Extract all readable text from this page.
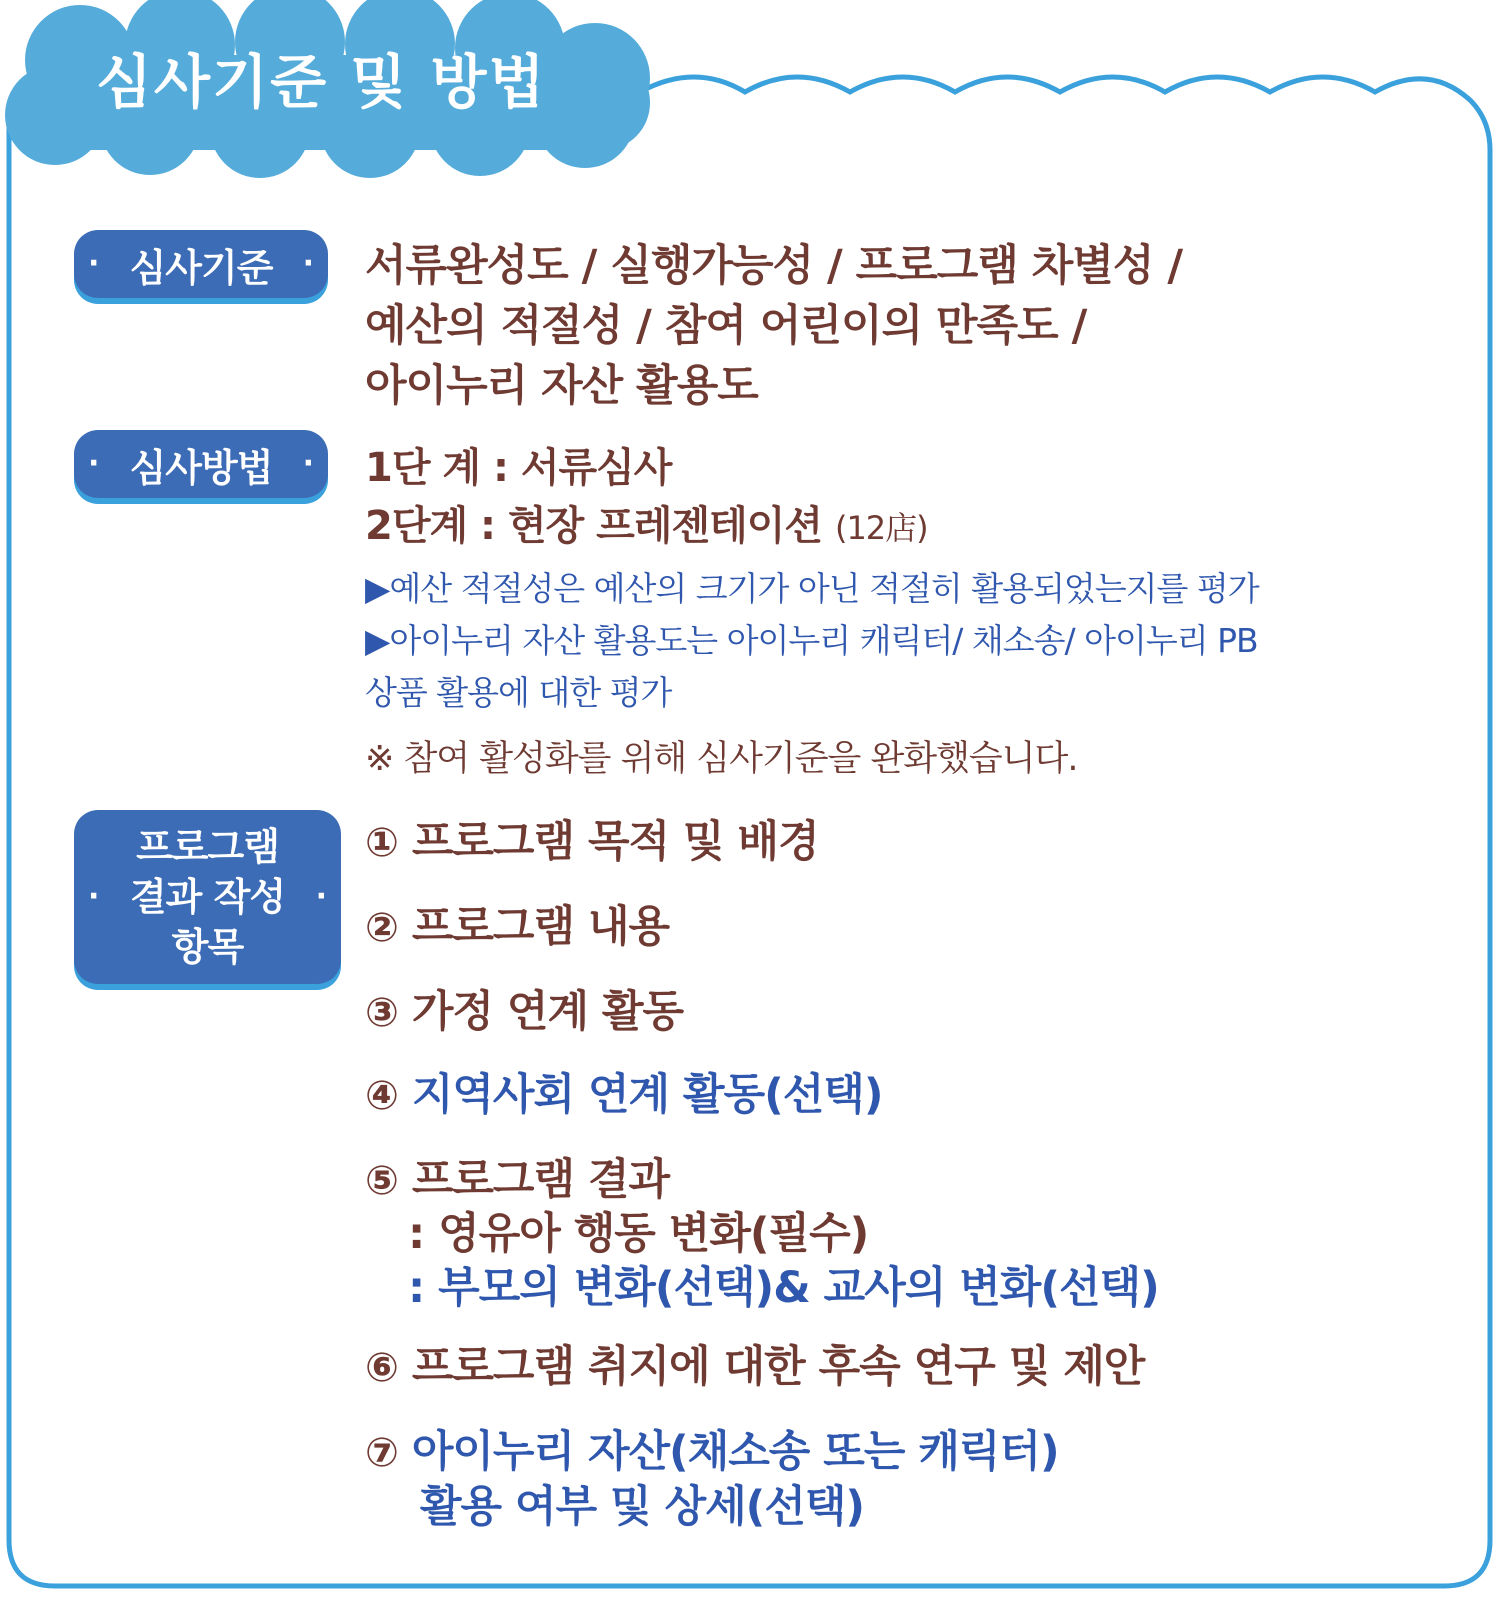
심사기준 및 방법
· 심사기준 · 서류완성도 / 실행가능성 / 프로그램 차별성 /
예산의 적절성 / 참여 어린이의 만족도 /
아이누리 자산 활용도
· 심사방법 · 1단 계 : 서류심사
2단계 : 현장 프레젠테이션 (12店)
▶예산 적절성은 예산의 크기가 아닌 적절히 활용되었는지를 평가
▶아이누리 자산 활용도는 아이누리 캐릭터/ 채소송/ 아이누리 PB
상품 활용에 대한 평가
※ 참여 활성화를 위해 심사기준을 완화했습니다.
·
프로그램
결과 작성
항목
·
① 프로그램 목적 및 배경
② 프로그램 내용
③ 가정 연계 활동
④ 지역사회 연계 활동(선택)
⑤ 프로그램 결과
: 영유아 행동 변화(필수)
: 부모의 변화(선택)& 교사의 변화(선택)
⑥ 프로그램 취지에 대한 후속 연구 및 제안
⑦ 아이누리 자산(채소송 또는 캐릭터)
활용 여부 및 상세(선택)
